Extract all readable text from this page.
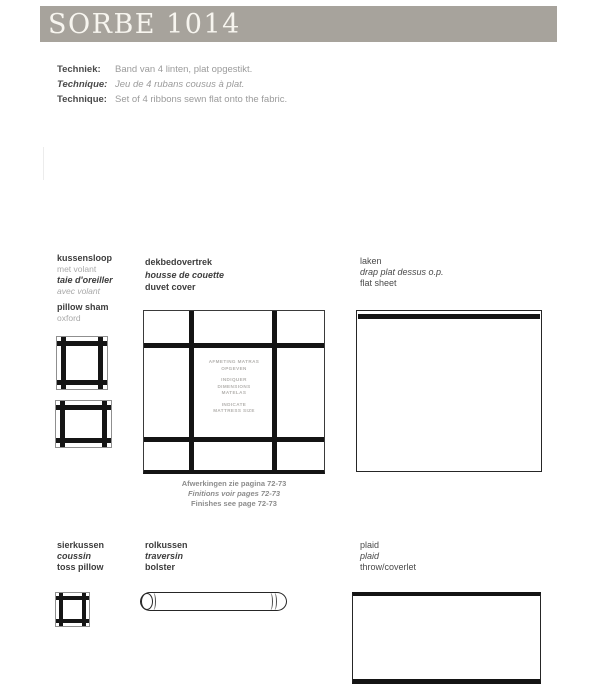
SORBE 1014
Techniek: Band van 4 linten, plat opgestikt.
Technique: Jeu de 4 rubans cousus à plat.
Technique: Set of 4 ribbons sewn flat onto the fabric.
kussensloop
met volant
taie d'oreiller
avec volant
pillow sham
oxford
dekbedovertrek
housse de couette
duvet cover
laken
drap plat dessus o.p.
flat sheet
AFMETING MATRAS
OPGEVEN
INDIQUER
DIMENSIONS
MATELAS
INDICATE
MATTRESS SIZE
Afwerkingen zie pagina 72-73
Finitions voir pages 72-73
Finishes see page 72-73
sierkussen
coussin
toss pillow
rolkussen
traversin
bolster
plaid
plaid
throw/coverlet
